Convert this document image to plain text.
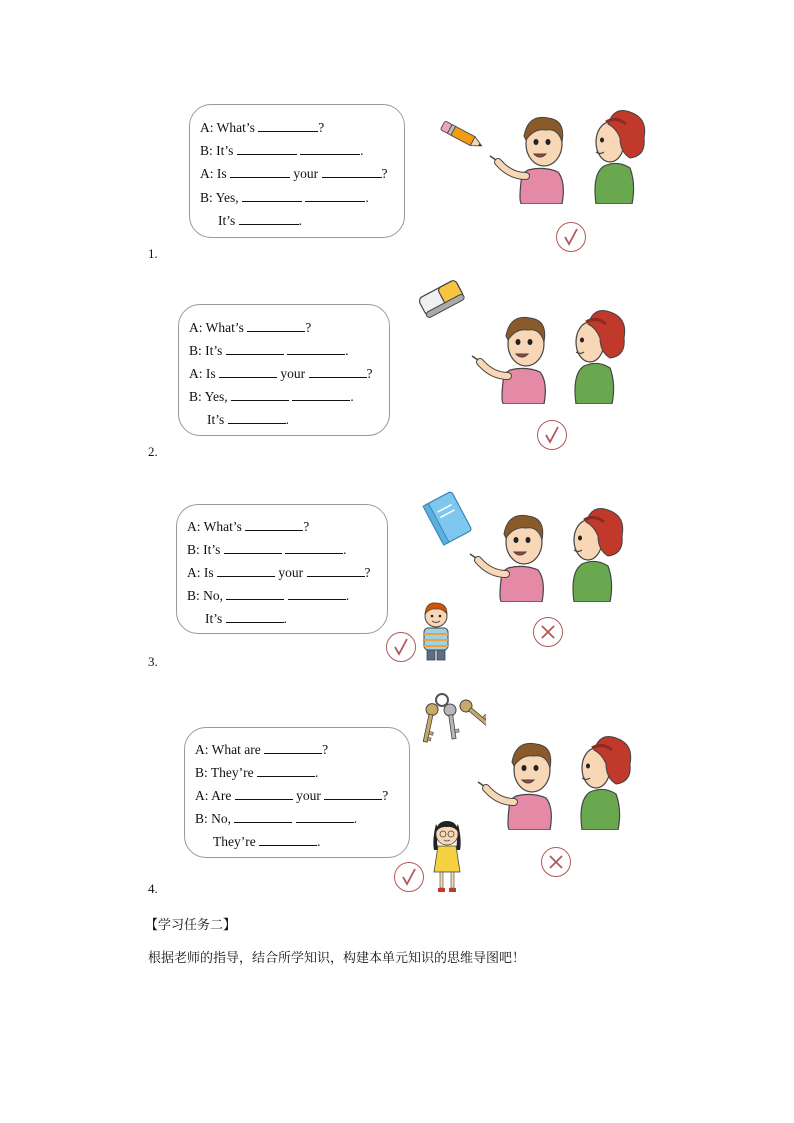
A: What’s	?
B: It’s	.
A: Is	your	?
B: Yes,	.
It’s	.
1.
A: What’s	?
B: It’s	.
A: Is	your	?
B: Yes,	.
It’s	.
2.
A: What’s	?
B: It’s	.
A: Is	your	?
B: No,	.
It’s	.
3.
A: What are	?
B: They’re	.
A: Are	your	?
B: No,	.
They’re	.
4.
【学习任务二】
根据老师的指导，结合所学知识，构建本单元知识的思维导图吧！
